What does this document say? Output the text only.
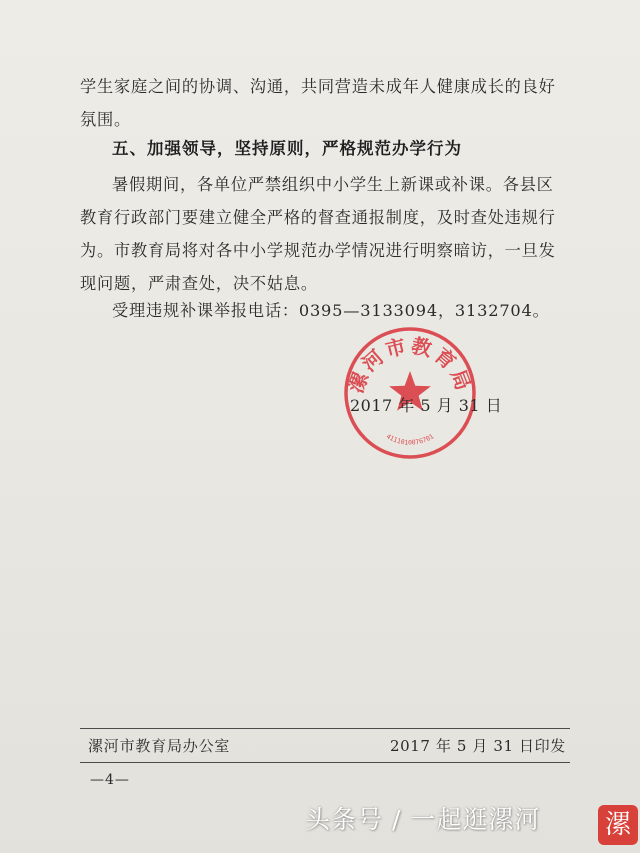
学生家庭之间的协调、沟通，共同营造未成年人健康成长的良好氛围。

五、加强领导，坚持原则，严格规范办学行为

暑假期间，各单位严禁组织中小学生上新课或补课。各县区教育行政部门要建立健全严格的督查通报制度，及时查处违规行为。市教育局将对各中小学规范办学情况进行明察暗访，一旦发现问题，严肃查处，决不姑息。

受理违规补课举报电话：0395—3133094，3132704。

漯河市教育局
4111010076701
2017 年 5 月 31 日
漯河市教育局办公室	2017 年 5 月 31 日印发
—4—
头条号 / 一起逛漯河 漯
